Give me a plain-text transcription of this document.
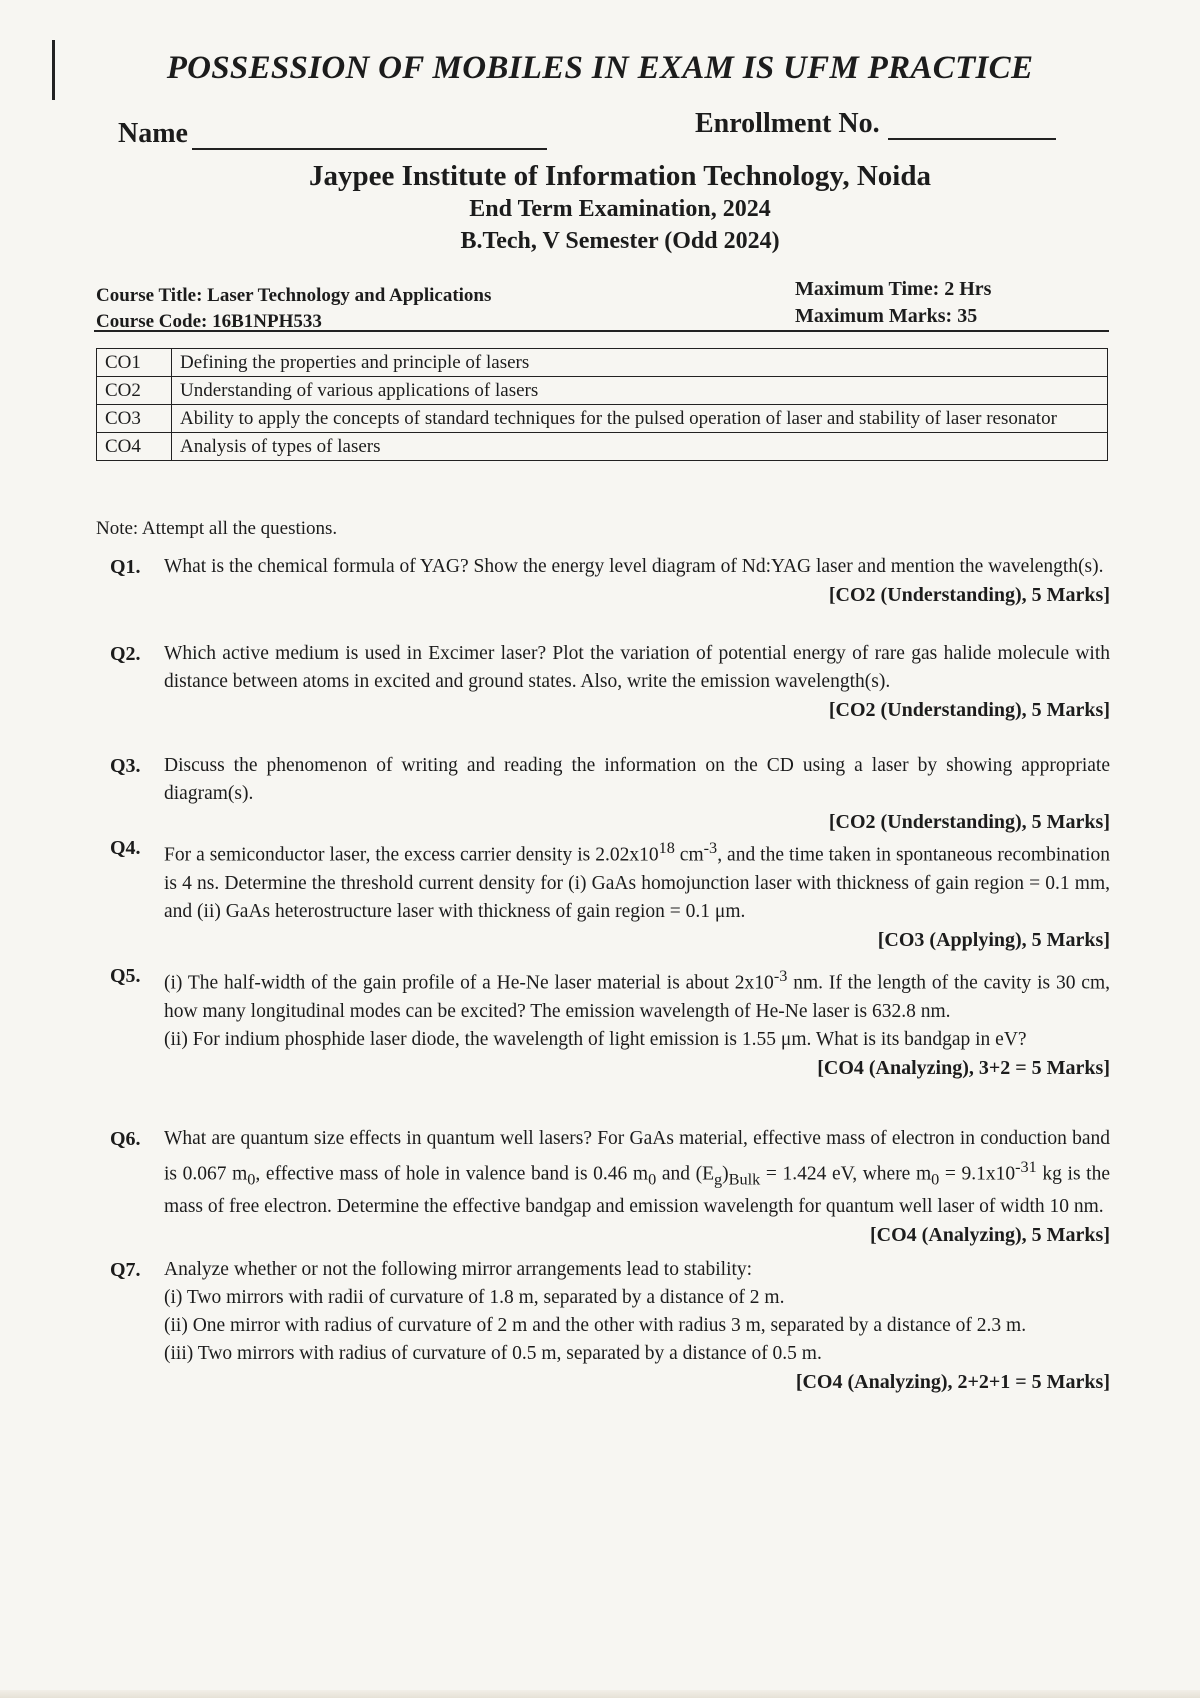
POSSESSION OF MOBILES IN EXAM IS UFM PRACTICE
Name	Enrollment No.
Jaypee Institute of Information Technology, Noida
End Term Examination, 2024
B.Tech, V Semester (Odd 2024)
Course Title: Laser Technology and Applications
Course Code: 16B1NPH533
Maximum Time: 2 Hrs
Maximum Marks: 35
CO1	Defining the properties and principle of lasers
CO2	Understanding of various applications of lasers
CO3	Ability to apply the concepts of standard techniques for the pulsed operation of laser and stability of laser resonator
CO4	Analysis of types of lasers
Note: Attempt all the questions.
Q1. What is the chemical formula of YAG? Show the energy level diagram of Nd:YAG laser and mention the wavelength(s).
[CO2 (Understanding), 5 Marks]
Q2. Which active medium is used in Excimer laser? Plot the variation of potential energy of rare gas halide molecule with distance between atoms in excited and ground states. Also, write the emission wavelength(s).
[CO2 (Understanding), 5 Marks]
Q3. Discuss the phenomenon of writing and reading the information on the CD using a laser by showing appropriate diagram(s).
[CO2 (Understanding), 5 Marks]
Q4. For a semiconductor laser, the excess carrier density is $2.02x10^{18}$ $cm^{-3}$, and the time taken in spontaneous recombination is 4 ns. Determine the threshold current density for (i) GaAs homojunction laser with thickness of gain region = 0.1 mm, and (ii) GaAs heterostructure laser with thickness of gain region = 0.1 μm.
[CO3 (Applying), 5 Marks]
Q5. (i) The half-width of the gain profile of a He-Ne laser material is about $2x10^{-3}$ nm. If the length of the cavity is 30 cm, how many longitudinal modes can be excited? The emission wavelength of He-Ne laser is 632.8 nm.

(ii) For indium phosphide laser diode, the wavelength of light emission is 1.55 μm. What is its bandgap in eV?

[CO4 (Analyzing), 3+2 = 5 Marks]
Q6. What are quantum size effects in quantum well lasers? For GaAs material, effective mass of electron in conduction band is 0.067 $m_0$, effective mass of hole in valence band is 0.46 $m_0$ and $(E_g)_{Bulk} = 1.424$ eV, where $m_0 = 9.1x10^{-31}$ kg is the mass of free electron. Determine the effective bandgap and emission wavelength for quantum well laser of width 10 nm.
[CO4 (Analyzing), 5 Marks]
Q7. Analyze whether or not the following mirror arrangements lead to stability:

(i) Two mirrors with radii of curvature of 1.8 m, separated by a distance of 2 m.

(ii) One mirror with radius of curvature of 2 m and the other with radius 3 m, separated by a distance of 2.3 m.

(iii) Two mirrors with radius of curvature of 0.5 m, separated by a distance of 0.5 m.

[CO4 (Analyzing), 2+2+1 = 5 Marks]
